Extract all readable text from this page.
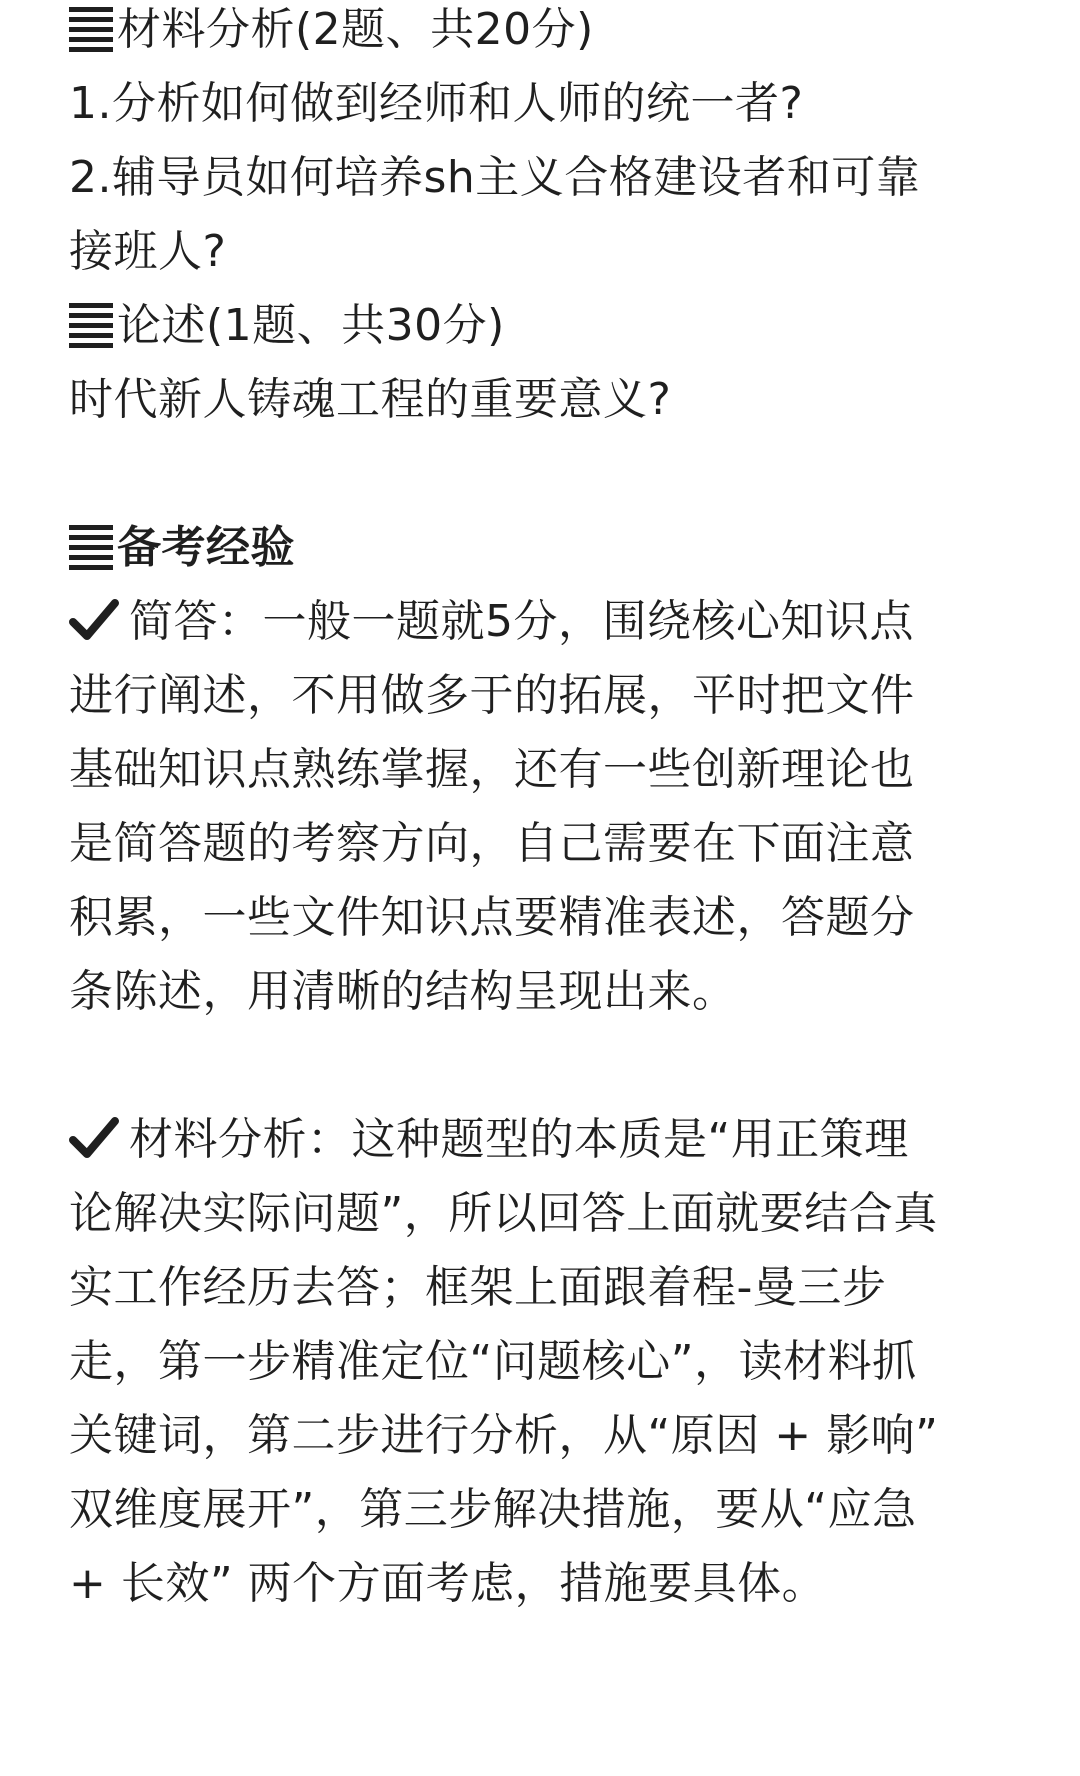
材料分析(2题、共20分)
1.分析如何做到经师和人师的统一者?
2.辅导员如何培养sh主义合格建设者和可靠
接班人?
论述(1题、共30分)
时代新人铸魂工程的重要意义?
备考经验
简答：一般一题就5分，围绕核心知识点
进行阐述，不用做多于的拓展，平时把文件
基础知识点熟练掌握，还有一些创新理论也
是简答题的考察方向，自己需要在下面注意
积累，一些文件知识点要精准表述，答题分
条陈述，用清晰的结构呈现出来。
材料分析：这种题型的本质是“用正策理
论解决实际问题”，所以回答上面就要结合真
实工作经历去答；框架上面跟着程-曼三步
走，第一步精准定位“问题核心”，读材料抓
关键词，第二步进行分析，从“原因 + 影响”
双维度展开”，第三步解决措施，要从“应急
+ 长效” 两个方面考虑，措施要具体。
